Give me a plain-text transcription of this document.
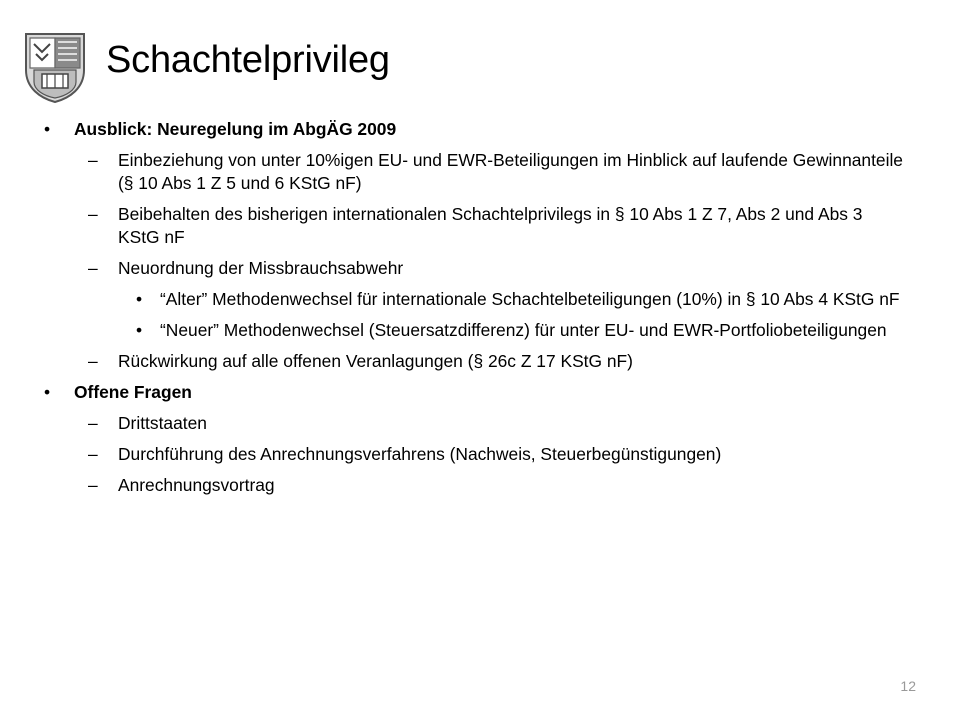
Schachtelprivileg
• Ausblick: Neuregelung im AbgÄG 2009
– Einbeziehung von unter 10%igen EU- und EWR-Beteiligungen im Hinblick auf laufende Gewinnanteile (§ 10 Abs 1 Z 5 und 6 KStG nF)
– Beibehalten des bisherigen internationalen Schachtelprivilegs in § 10 Abs 1 Z 7, Abs 2 und Abs 3 KStG nF
– Neuordnung der Missbrauchsabwehr
• “Alter” Methodenwechsel für internationale Schachtelbeteiligungen (10%) in § 10 Abs 4 KStG nF
• “Neuer” Methodenwechsel (Steuersatzdifferenz) für unter EU- und EWR-Portfoliobeteiligungen
– Rückwirkung auf alle offenen Veranlagungen (§ 26c Z 17 KStG nF)
• Offene Fragen
– Drittstaaten
– Durchführung des Anrechnungsverfahrens (Nachweis, Steuerbegünstigungen)
– Anrechnungsvortrag
12
